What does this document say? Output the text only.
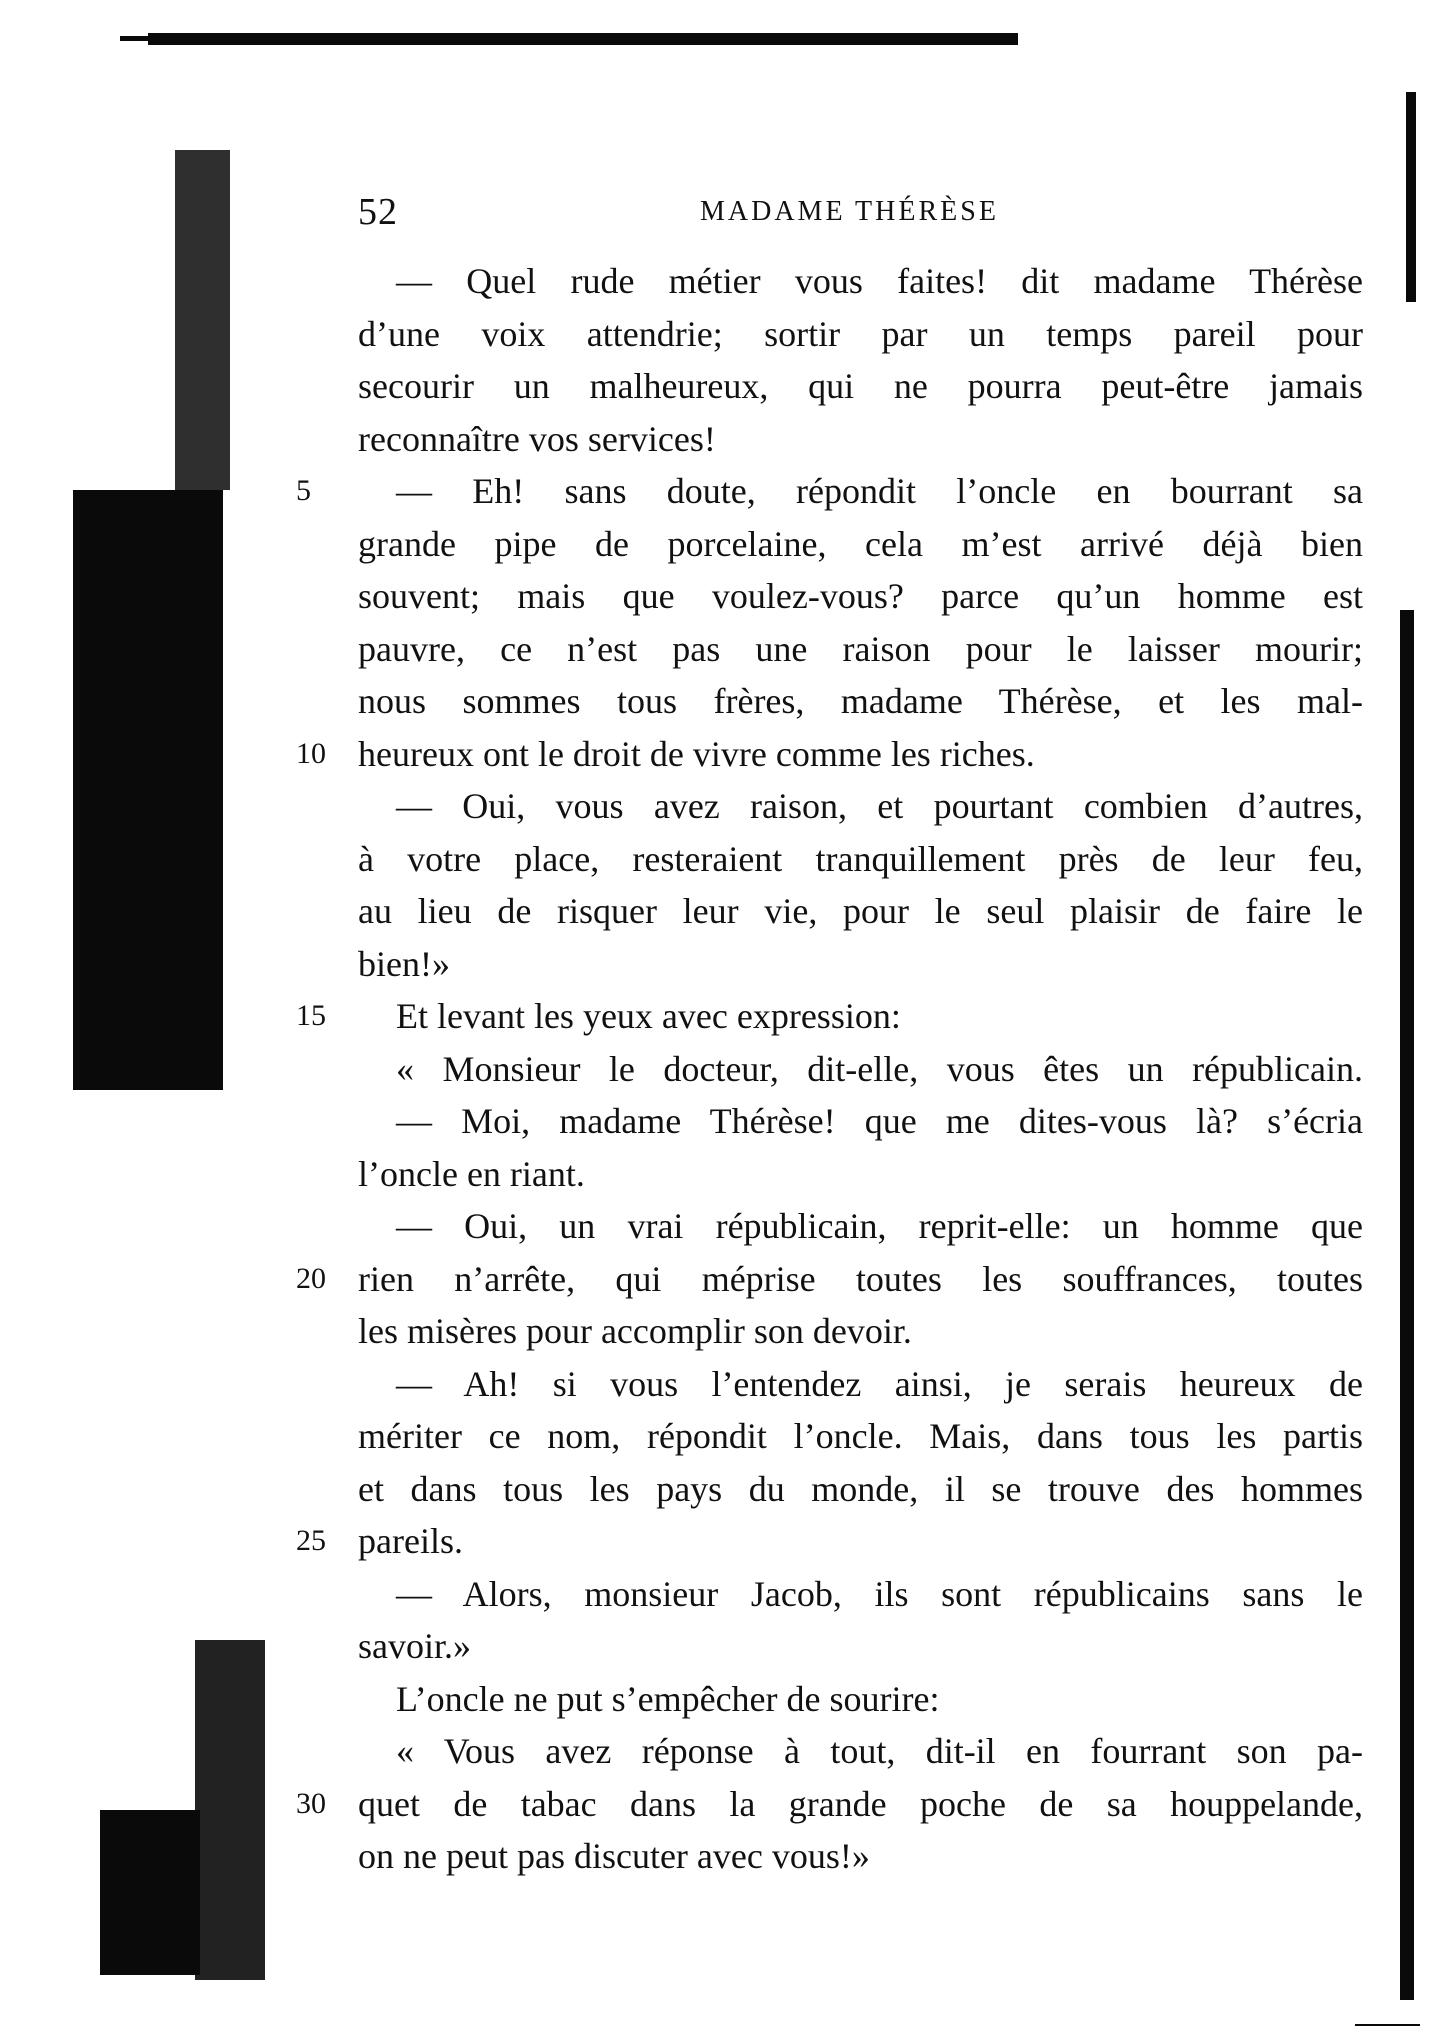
52	MADAME THÉRÈSE
— Quel rude métier vous faites! dit madame Thérèse
d’une voix attendrie; sortir par un temps pareil pour
secourir un malheureux, qui ne pourra peut-être jamais
reconnaître vos services!
5	— Eh! sans doute, répondit l’oncle en bourrant sa
grande pipe de porcelaine, cela m’est arrivé déjà bien
souvent; mais que voulez-vous? parce qu’un homme est
pauvre, ce n’est pas une raison pour le laisser mourir;
nous sommes tous frères, madame Thérèse, et les mal-
10 heureux ont le droit de vivre comme les riches.
— Oui, vous avez raison, et pourtant combien d’autres,
à votre place, resteraient tranquillement près de leur feu,
au lieu de risquer leur vie, pour le seul plaisir de faire le
bien!»
15	Et levant les yeux avec expression:
« Monsieur le docteur, dit-elle, vous êtes un républicain.
— Moi, madame Thérèse! que me dites-vous là? s’écria
l’oncle en riant.
— Oui, un vrai républicain, reprit-elle: un homme que
20 rien n’arrête, qui méprise toutes les souffrances, toutes
les misères pour accomplir son devoir.
— Ah! si vous l’entendez ainsi, je serais heureux de
mériter ce nom, répondit l’oncle. Mais, dans tous les partis
et dans tous les pays du monde, il se trouve des hommes
25 pareils.
— Alors, monsieur Jacob, ils sont républicains sans le
savoir.»
L’oncle ne put s’empêcher de sourire:
« Vous avez réponse à tout, dit-il en fourrant son pa-
30 quet de tabac dans la grande poche de sa houppelande,
on ne peut pas discuter avec vous!»
